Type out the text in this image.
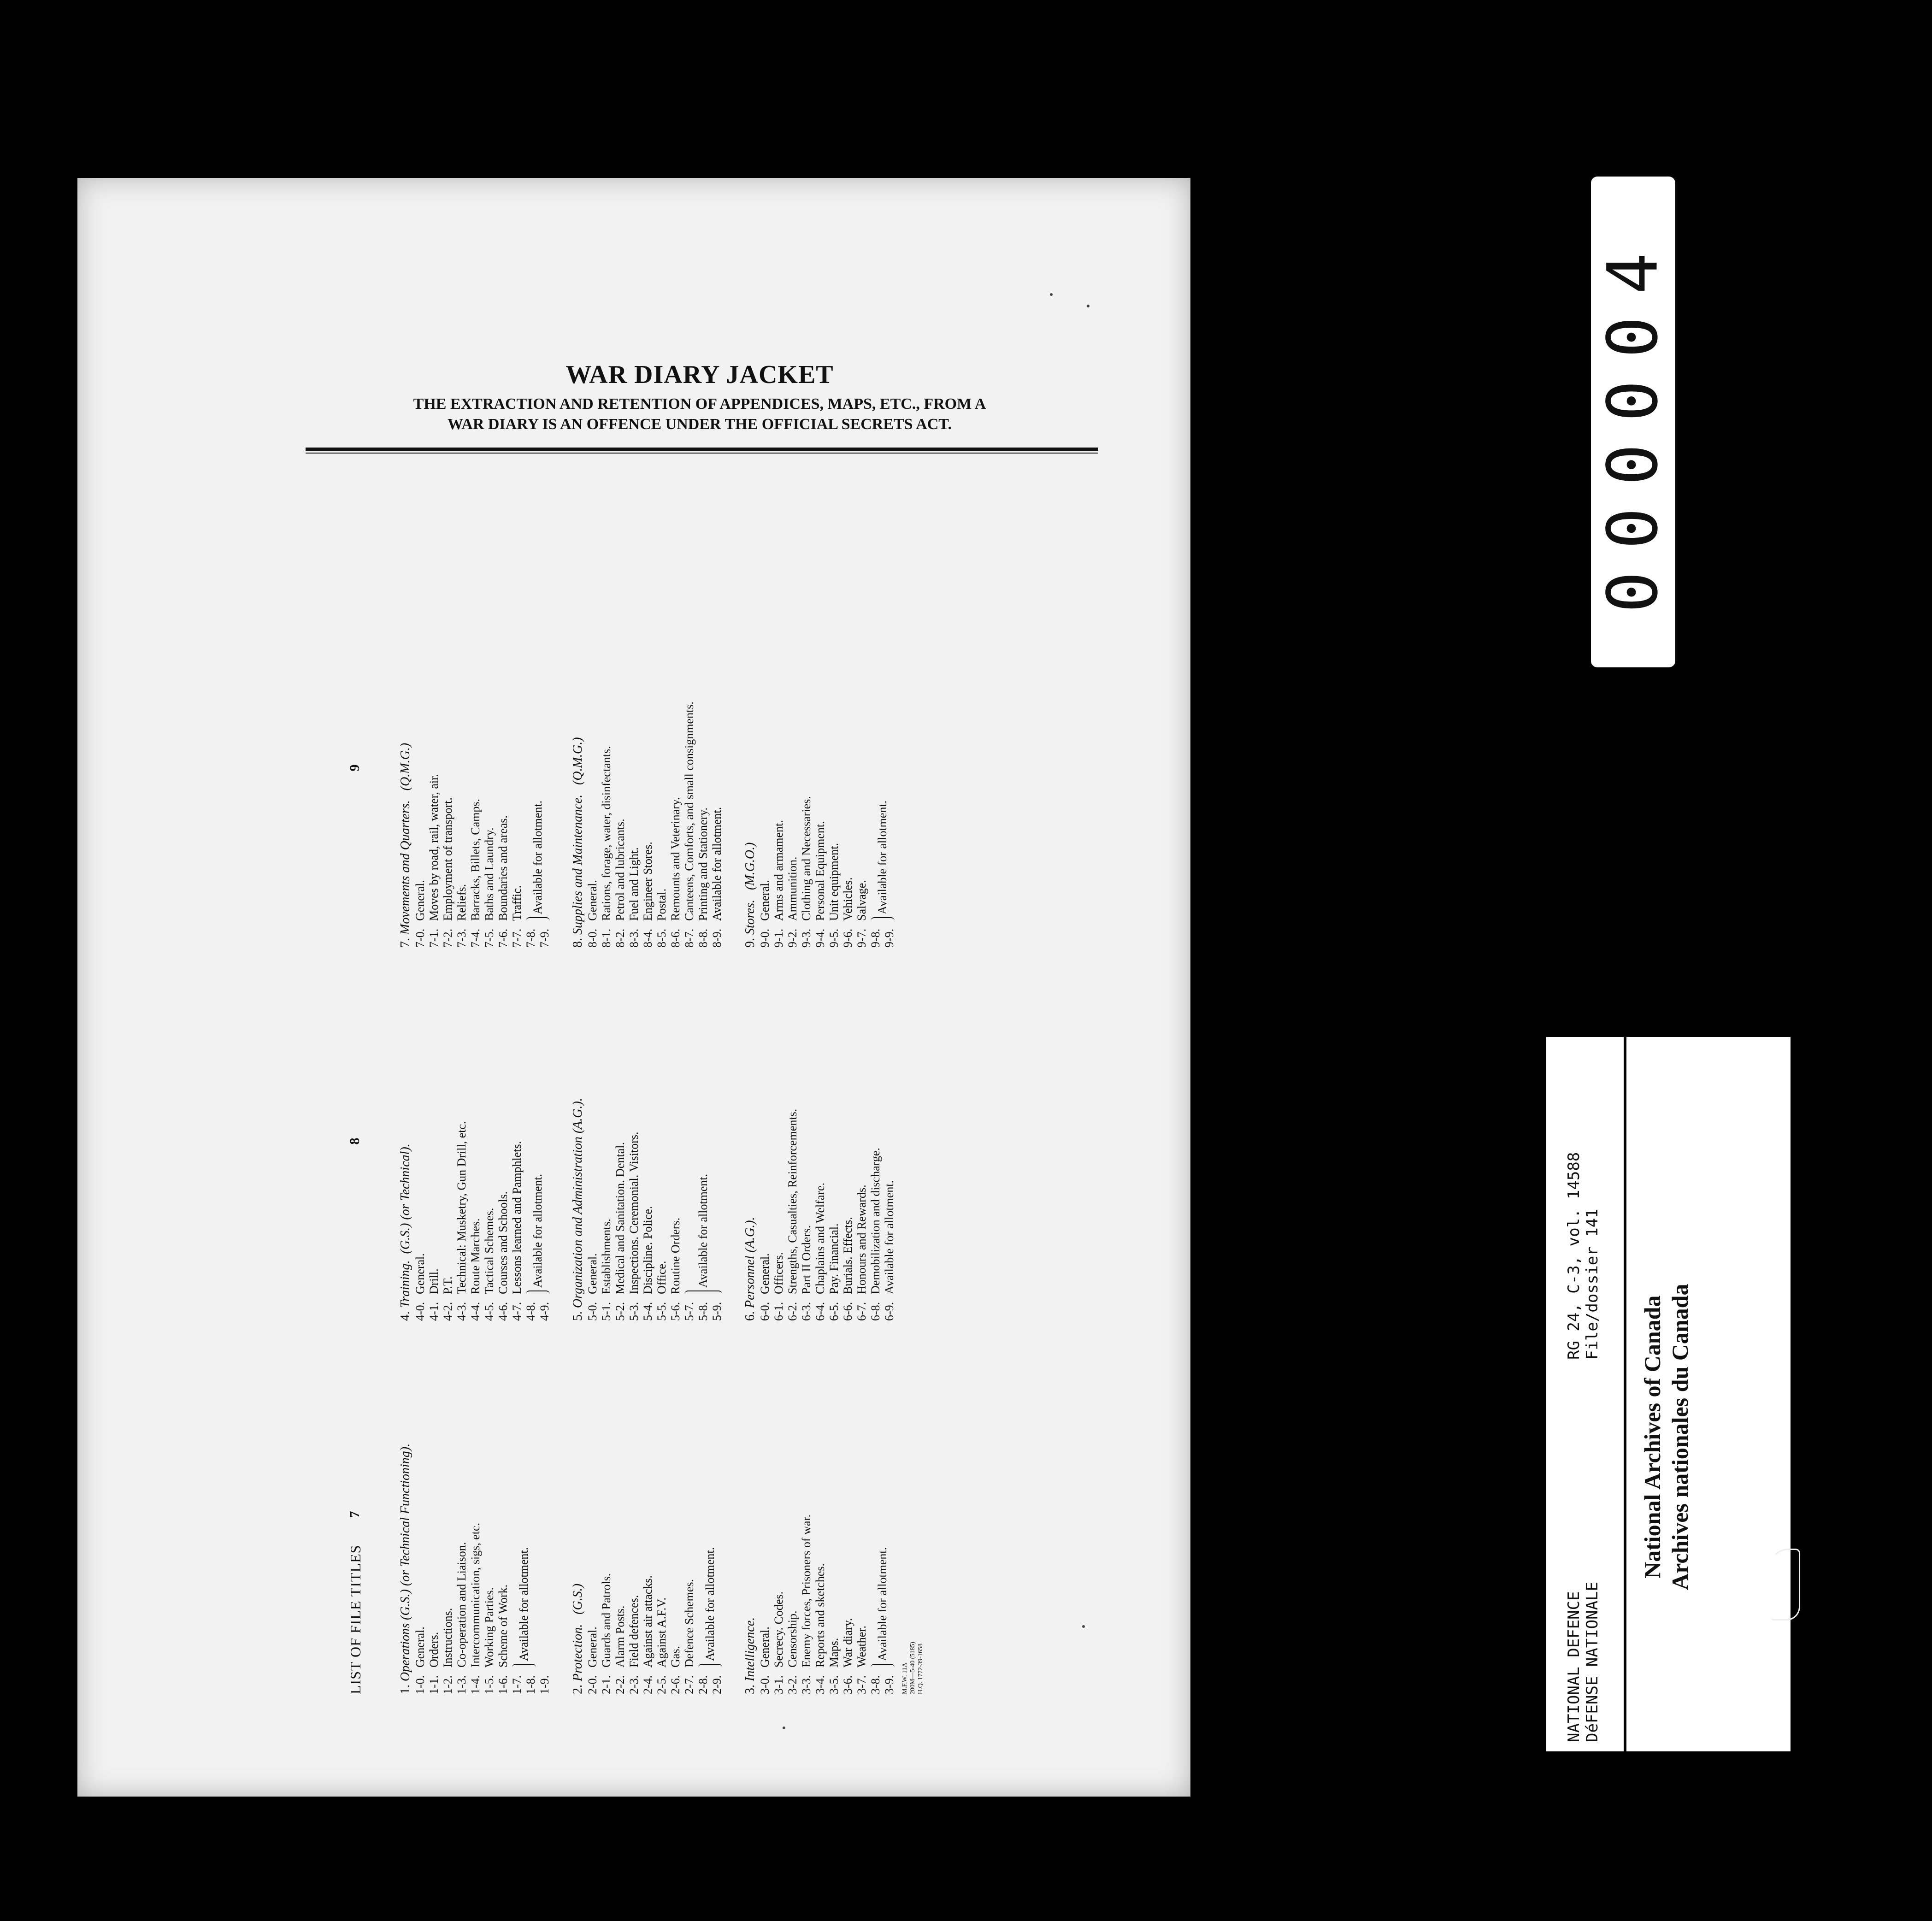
WAR DIARY JACKET
THE EXTRACTION AND RETENTION OF APPENDICES, MAPS, ETC., FROM A
WAR DIARY IS AN OFFENCE UNDER THE OFFICIAL SECRETS ACT.
LIST OF FILE TITLES
7
1. Operations (G.S.) (or Technical Functioning).
1-0.
General.
1-1.
Orders.
1-2.
Instructions.
1-3.
Co-operation and Liaison.
1-4.
Intercommunication, sigs, etc.
1-5.
Working Parties.
1-6.
Scheme of Work.
1-7. 1-8.
Available for allotment.
1-9. 2. Protection.   (G.S.)
2-0.
General.
2-1.
Guards and Patrols.
2-2.
Alarm Posts.
2-3.
Field defences.
2-4.
Against air attacks.
2-5.
Against A.F.V.
2-6.
Gas.
2-7.
Defence Schemes.
2-8. 2-9.
Available for allotment.
3. Intelligence.
3-0.
General.
3-1.
Secrecy. Codes.
3-2.
Censorship.
3-3.
Enemy forces, Prisoners of war.
3-4.
Reports and sketches.
3-5.
Maps.
3-6.
War diary.
3-7.
Weather.
3-8. 3-9.
Available for allotment.
M.F.W. 11A 200M—5-40 (5185) H.Q. 1772-39-1658
8
4. Training.  (G.S.) (or Technical).
4-0.
General.
4-1.
Drill.
4-2.
P.T.
4-3.
Technical: Musketry, Gun Drill, etc.
4-4.
Route Marches.
4-5.
Tactical Schemes.
4-6.
Courses and Schools.
4-7.
Lessons learned and Pamphlets.
4-8. 4-9.
Available for allotment.
5. Organization and Administration (A.G.).
5-0.
General.
5-1.
Establishments.
5-2.
Medical and Sanitation. Dental.
5-3.
Inspections. Ceremonial. Visitors.
5-4.
Discipline. Police.
5-5.
Office.
5-6.
Routine Orders.
5-7. 5-8. 5-9.
Available for allotment.
6. Personnel (A.G.).
6-0.
General.
6-1.
Officers.
6-2.
Strengths, Casualties, Reinforcements.
6-3.
Part II Orders.
6-4.
Chaplains and Welfare.
6-5.
Pay. Financial.
6-6.
Burials. Effects.
6-7.
Honours and Rewards.
6-8.
Demobilization and discharge.
6-9.
Available for allotment.
9
7. Movements and Quarters.   (Q.M.G.)
7-0.
General.
7-1.
Moves by road, rail, water, air.
7-2.
Employment of transport.
7-3.
Reliefs.
7-4.
Barracks, Billets, Camps.
7-5.
Baths and Laundry.
7-6.
Boundaries and areas.
7-7.
Traffic.
7-8. 7-9.
Available for allotment.
8. Supplies and Maintenance.   (Q.M.G.)
8-0.
General.
8-1.
Rations, forage, water, disinfectants.
8-2.
Petrol and lubricants.
8-3.
Fuel and Light.
8-4.
Engineer Stores.
8-5.
Postal.
8-6.
Remounts and Veterinary.
8-7.
Canteens, Comforts, and small consignments.
8-8.
Printing and Stationery.
8-9.
Available for allotment.
9. Stores.   (M.G.O.)
9-0.
General.
9-1.
Arms and armament.
9-2.
Ammunition.
9-3.
Clothing and Necessaries.
9-4.
Personal Equipment.
9-5.
Unit equipment.
9-6.
Vehicles.
9-7.
Salvage.
9-8. 9-9.
Available for allotment.
000004
NATIONAL DEFENCE DéFENSE NATIONALE
RG 24, C-3, vol. 14588 File/dossier 141
National Archives of Canada Archives nationales du Canada
